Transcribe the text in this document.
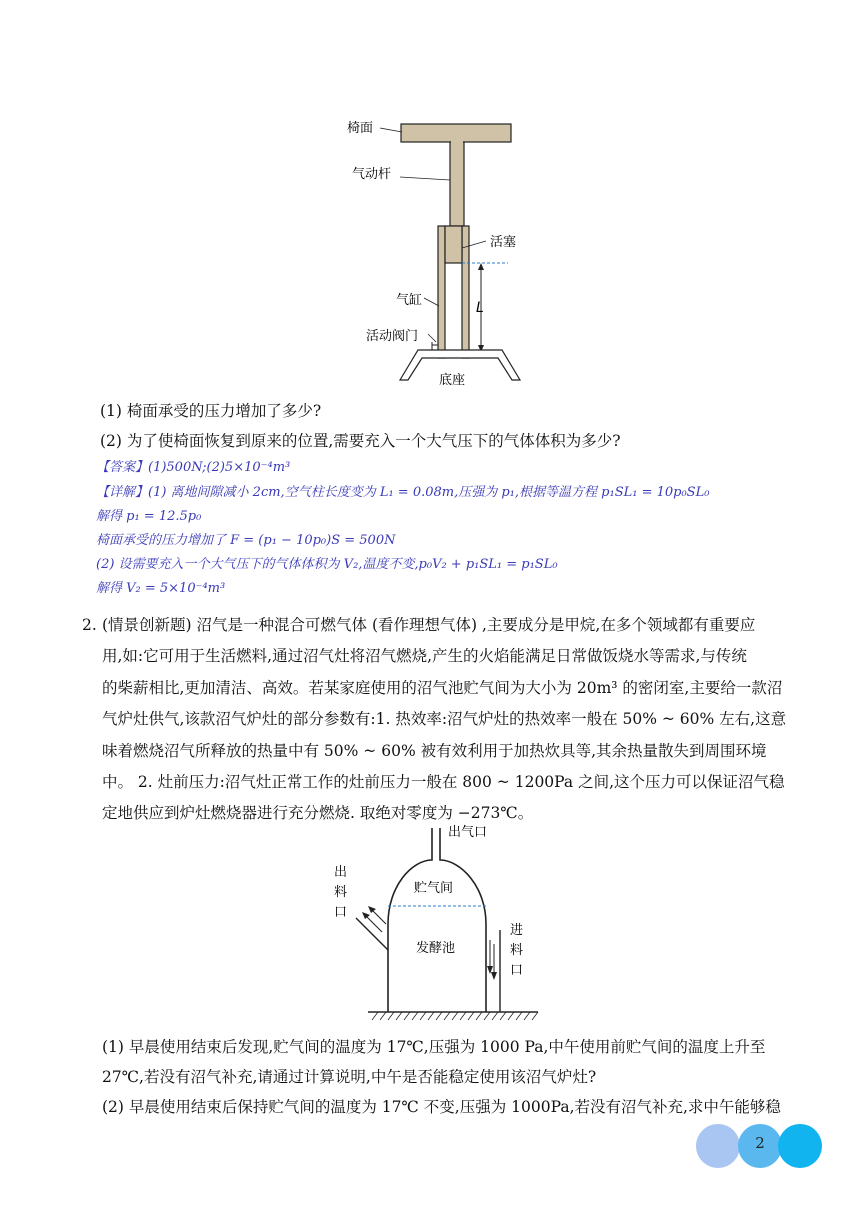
L
椅面
气动杆
活塞
气缸
活动阀门
底座
(1) 椅面承受的压力增加了多少?
(2) 为了使椅面恢复到原来的位置,需要充入一个大气压下的气体体积为多少?
【答案】(1)500N;(2)5×10⁻⁴m³
【详解】(1) 离地间隙减小 2cm,空气柱长度变为 L₁ = 0.08m,压强为 p₁,根据等温方程 p₁SL₁ = 10p₀SL₀
解得 p₁ = 12.5p₀
椅面承受的压力增加了 F = (p₁ − 10p₀)S = 500N
(2) 设需要充入一个大气压下的气体体积为 V₂,温度不变,p₀V₂ + p₁SL₁ = p₁SL₀
解得 V₂ = 5×10⁻⁴m³
2. (情景创新题) 沼气是一种混合可燃气体 (看作理想气体) ,主要成分是甲烷,在多个领域都有重要应
用,如:它可用于生活燃料,通过沼气灶将沼气燃烧,产生的火焰能满足日常做饭烧水等需求,与传统
的柴薪相比,更加清洁、高效。若某家庭使用的沼气池贮气间为大小为 20m³ 的密闭室,主要给一款沼
气炉灶供气,该款沼气炉灶的部分参数有:1. 热效率:沼气炉灶的热效率一般在 50% ~ 60% 左右,这意
味着燃烧沼气所释放的热量中有 50% ~ 60% 被有效利用于加热炊具等,其余热量散失到周围环境
中。 2. 灶前压力:沼气灶正常工作的灶前压力一般在 800 ~ 1200Pa 之间,这个压力可以保证沼气稳
定地供应到炉灶燃烧器进行充分燃烧. 取绝对零度为 −273℃。
出气口
贮气间
发酵池
出
料
口
进
料
口
(1) 早晨使用结束后发现,贮气间的温度为 17℃,压强为 1000 Pa,中午使用前贮气间的温度上升至
27℃,若没有沼气补充,请通过计算说明,中午是否能稳定使用该沼气炉灶?
(2) 早晨使用结束后保持贮气间的温度为 17℃ 不变,压强为 1000Pa,若没有沼气补充,求中午能够稳
2
